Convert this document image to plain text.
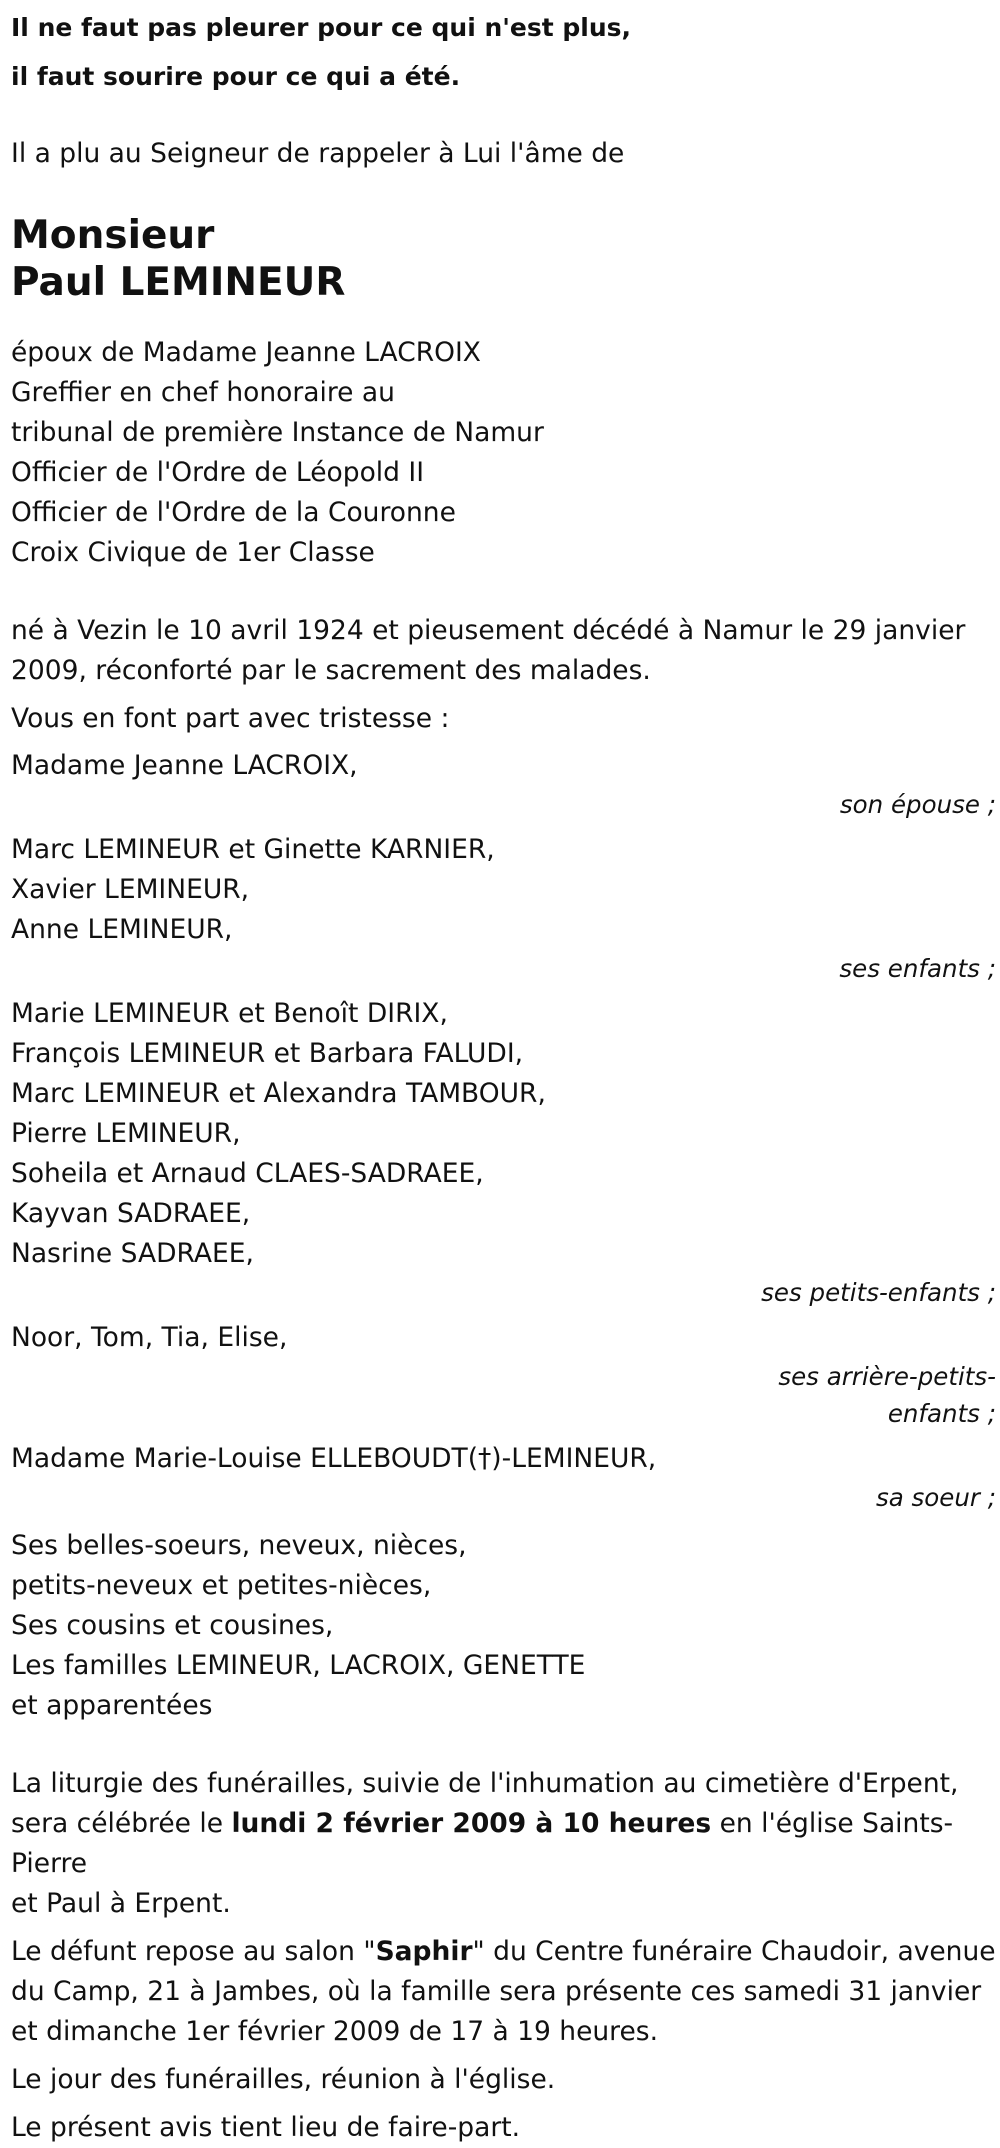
Il ne faut pas pleurer pour ce qui n'est plus,
il faut sourire pour ce qui a été.

Il a plu au Seigneur de rappeler à Lui l'âme de

Monsieur
Paul LEMINEUR
époux de Madame Jeanne LACROIX
Greffier en chef honoraire au
tribunal de première Instance de Namur
Officier de l'Ordre de Léopold II
Officier de l'Ordre de la Couronne
Croix Civique de 1er Classe
né à Vezin le 10 avril 1924 et pieusement décédé à Namur le 29 janvier
2009, réconforté par le sacrement des malades.

Vous en font part avec tristesse :

Madame Jeanne LACROIX,
son épouse ;
Marc LEMINEUR et Ginette KARNIER,
Xavier LEMINEUR,
Anne LEMINEUR,
ses enfants ;
Marie LEMINEUR et Benoît DIRIX,
François LEMINEUR et Barbara FALUDI,
Marc LEMINEUR et Alexandra TAMBOUR,
Pierre LEMINEUR,
Soheila et Arnaud CLAES-SADRAEE,
Kayvan SADRAEE,
Nasrine SADRAEE,
ses petits-enfants ;
Noor, Tom, Tia, Elise,
ses arrière-petits-enfants ;
Madame Marie-Louise ELLEBOUDT(†)-LEMINEUR,
sa soeur ;
Ses belles-soeurs, neveux, nièces,
petits-neveux et petites-nièces,
Ses cousins et cousines,
Les familles LEMINEUR, LACROIX, GENETTE
et apparentées
La liturgie des funérailles, suivie de l'inhumation au cimetière d'Erpent,
sera célébrée le lundi 2 février 2009 à 10 heures en l'église Saints-Pierre
et Paul à Erpent.
Le défunt repose au salon "Saphir" du Centre funéraire Chaudoir, avenue
du Camp, 21 à Jambes, où la famille sera présente ces samedi 31 janvier
et dimanche 1er février 2009 de 17 à 19 heures.

Le jour des funérailles, réunion à l'église.

Le présent avis tient lieu de faire-part.
